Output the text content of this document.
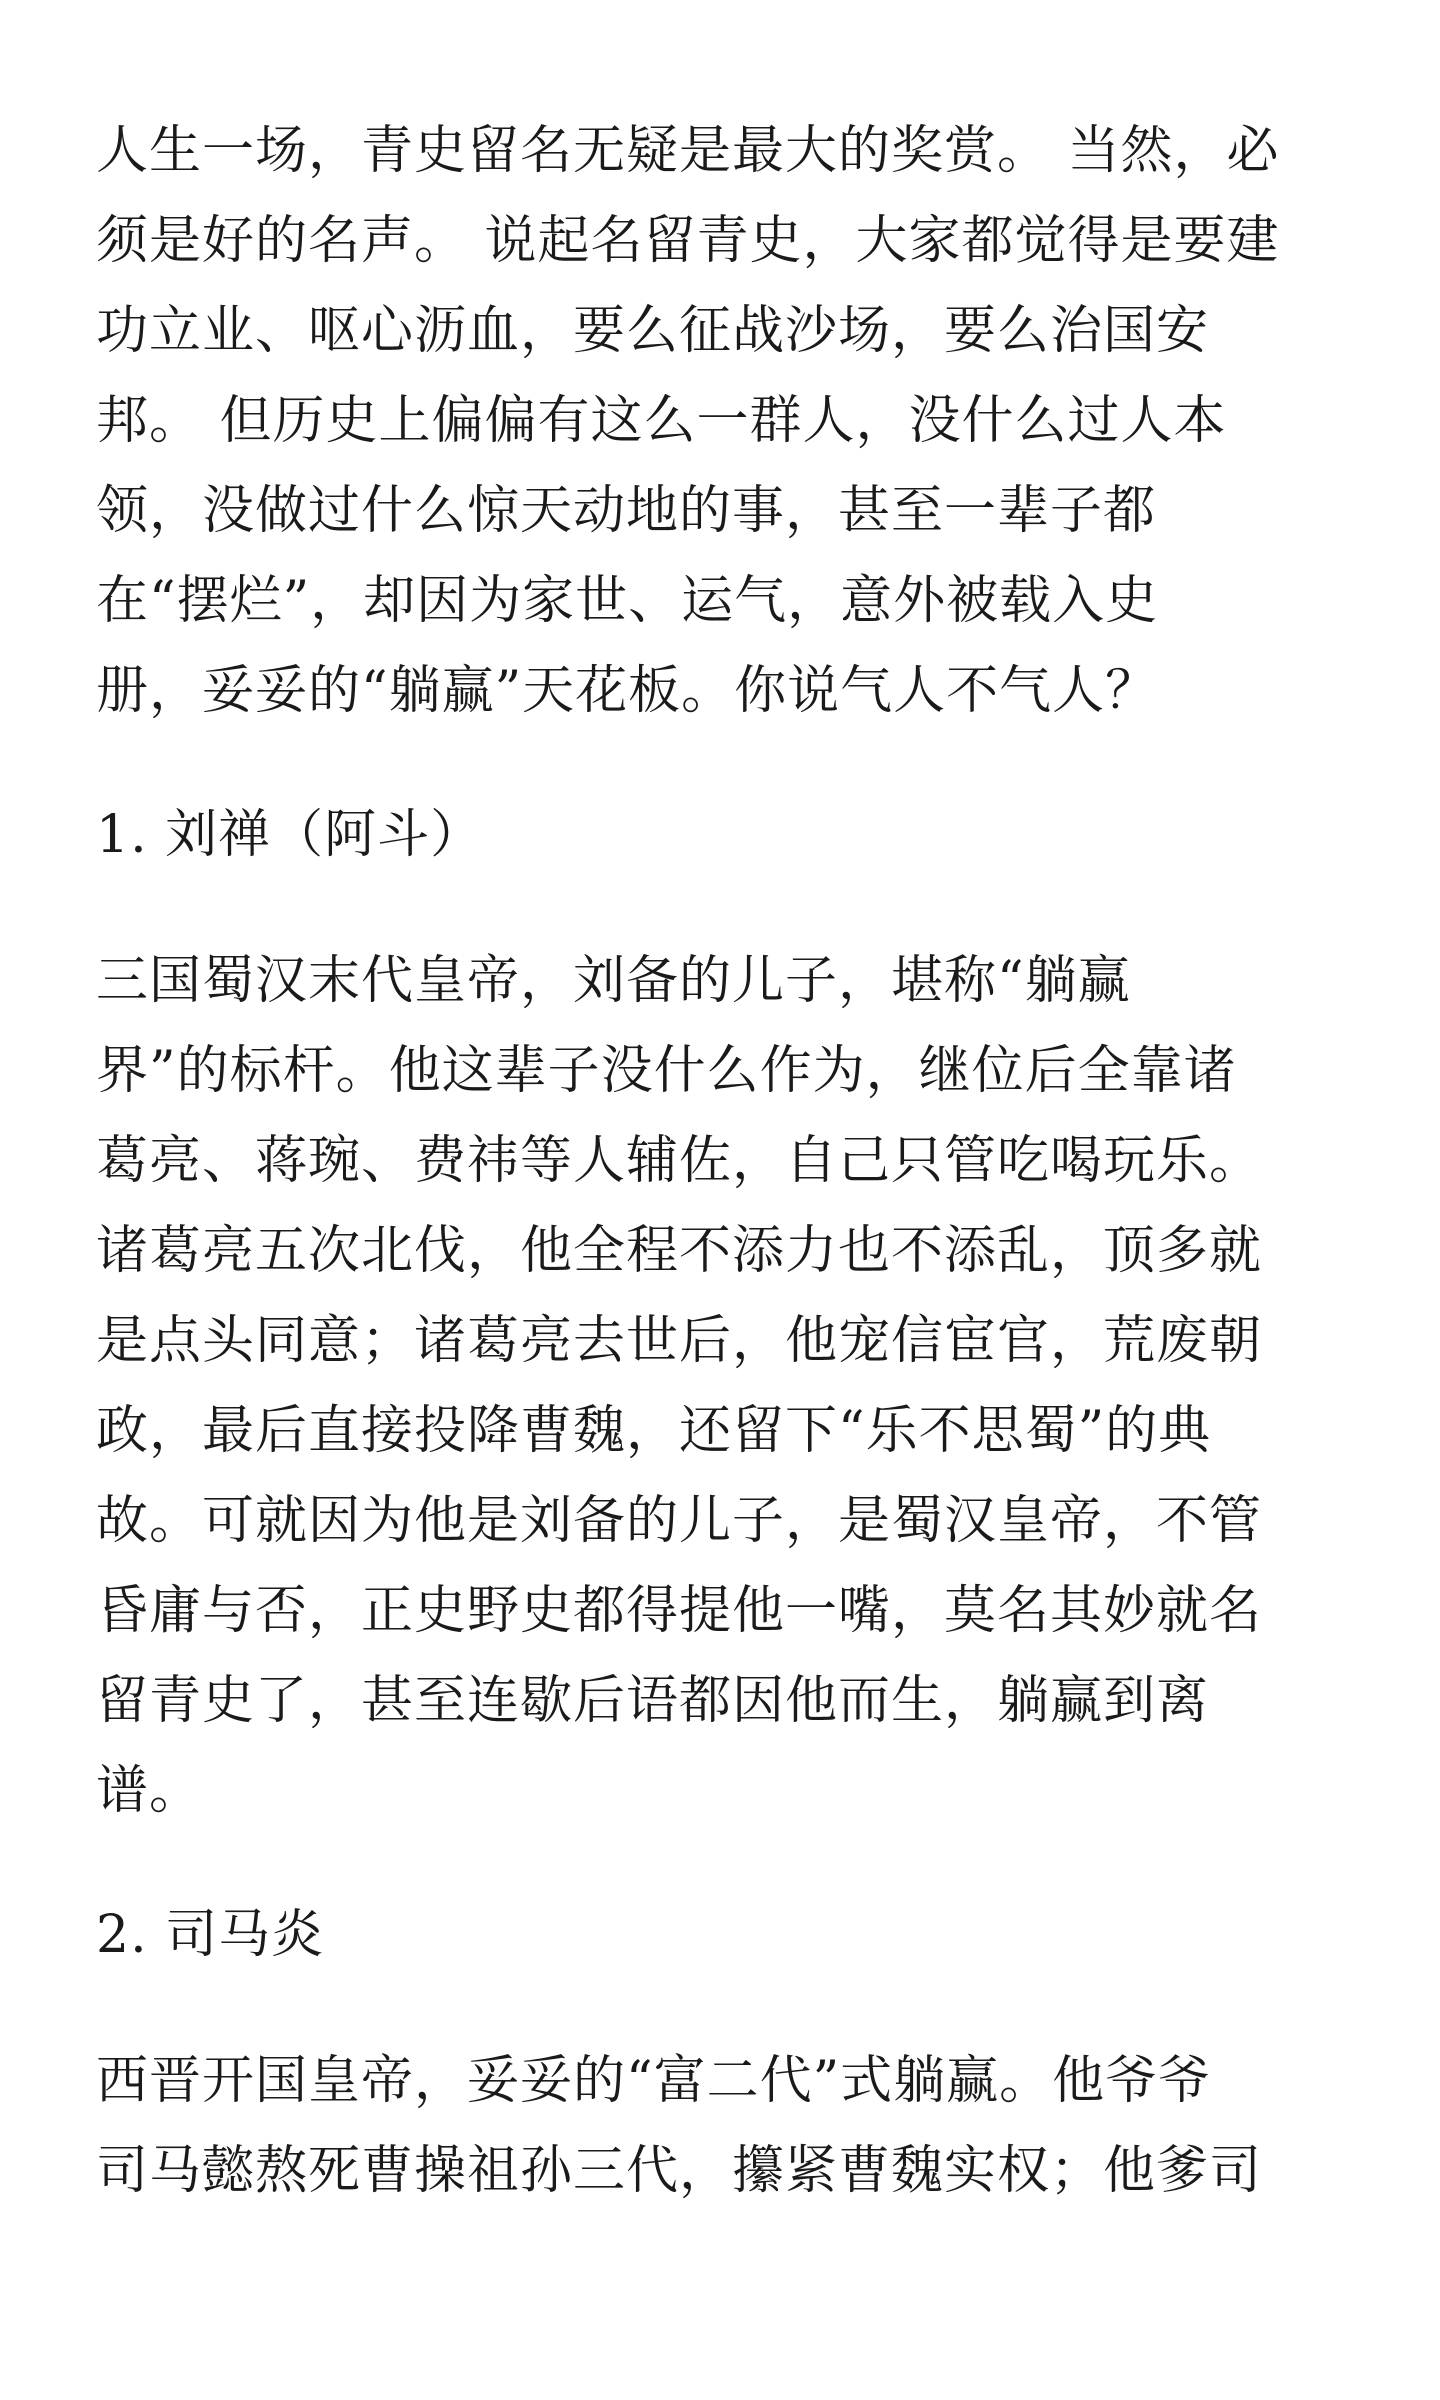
人生一场，青史留名无疑是最大的奖赏。 当然，必
须是好的名声。 说起名留青史，大家都觉得是要建
功立业、呕心沥血，要么征战沙场，要么治国安
邦。 但历史上偏偏有这么一群人，没什么过人本
领，没做过什么惊天动地的事，甚至一辈子都
在“摆烂”，却因为家世、运气，意外被载入史
册，妥妥的“躺赢”天花板。你说气人不气人？

1. 刘禅（阿斗）

三国蜀汉末代皇帝，刘备的儿子，堪称“躺赢
界”的标杆。他这辈子没什么作为，继位后全靠诸
葛亮、蒋琬、费祎等人辅佐，自己只管吃喝玩乐。
诸葛亮五次北伐，他全程不添力也不添乱，顶多就
是点头同意；诸葛亮去世后，他宠信宦官，荒废朝
政，最后直接投降曹魏，还留下“乐不思蜀”的典
故。可就因为他是刘备的儿子，是蜀汉皇帝，不管
昏庸与否，正史野史都得提他一嘴，莫名其妙就名
留青史了，甚至连歇后语都因他而生，躺赢到离
谱。

2. 司马炎

西晋开国皇帝，妥妥的“富二代”式躺赢。他爷爷
司马懿熬死曹操祖孙三代，攥紧曹魏实权；他爹司
